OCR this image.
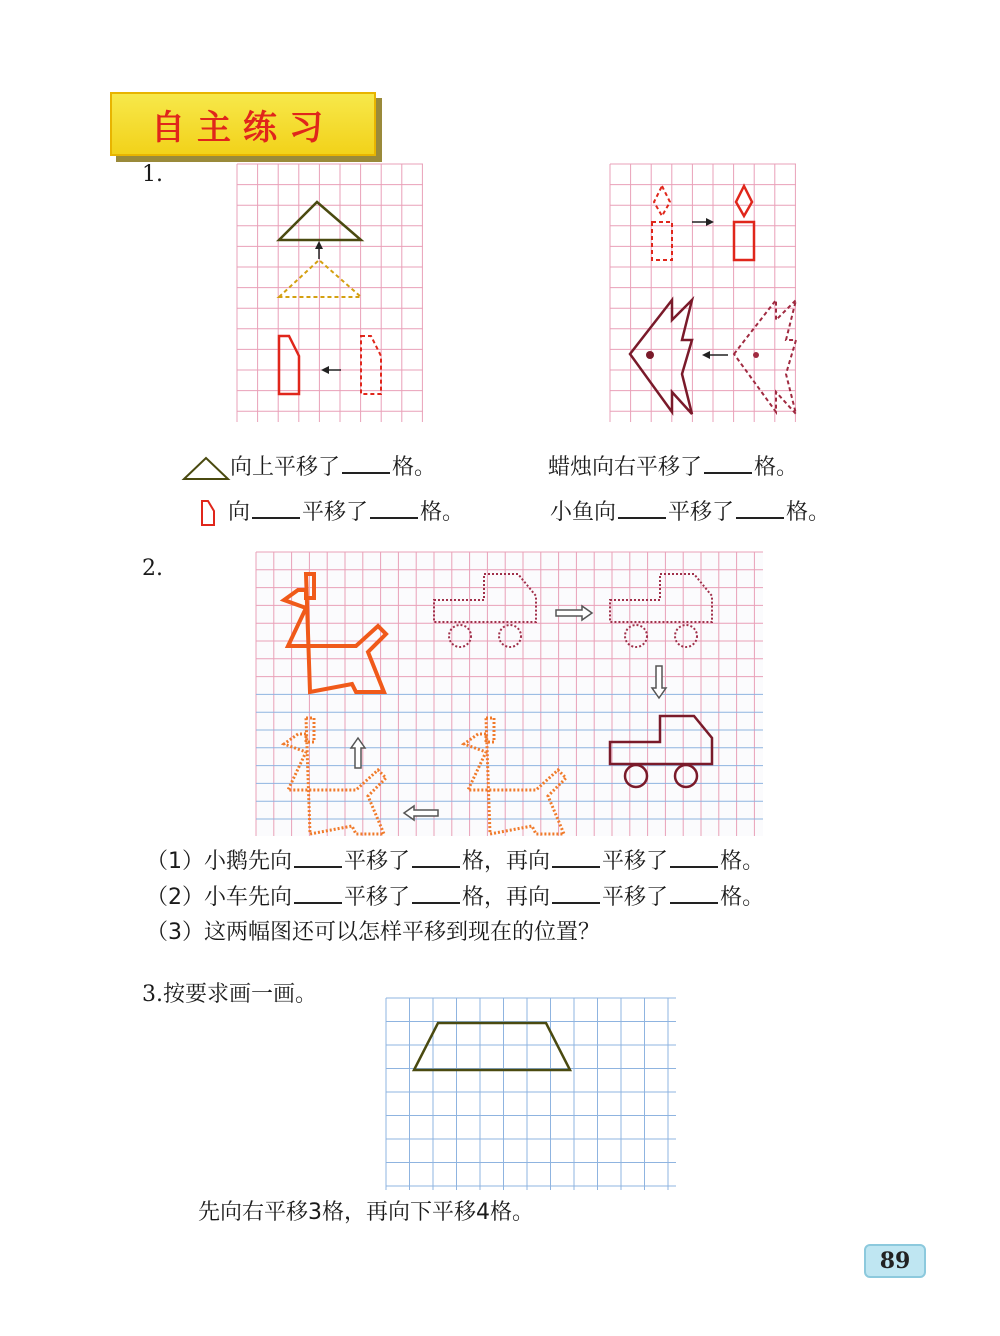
自主练习
1.
向上平移了 格。	蜡烛向右平移了 格。
向 平移了 格。	小鱼向 平移了 格。
2.
（1）小鹅先向 平移了 格，再向 平移了 格。
（2）小车先向 平移了 格，再向 平移了 格。
（3）这两幅图还可以怎样平移到现在的位置？
3.按要求画一画。
先向右平移3格，再向下平移4格。
89
